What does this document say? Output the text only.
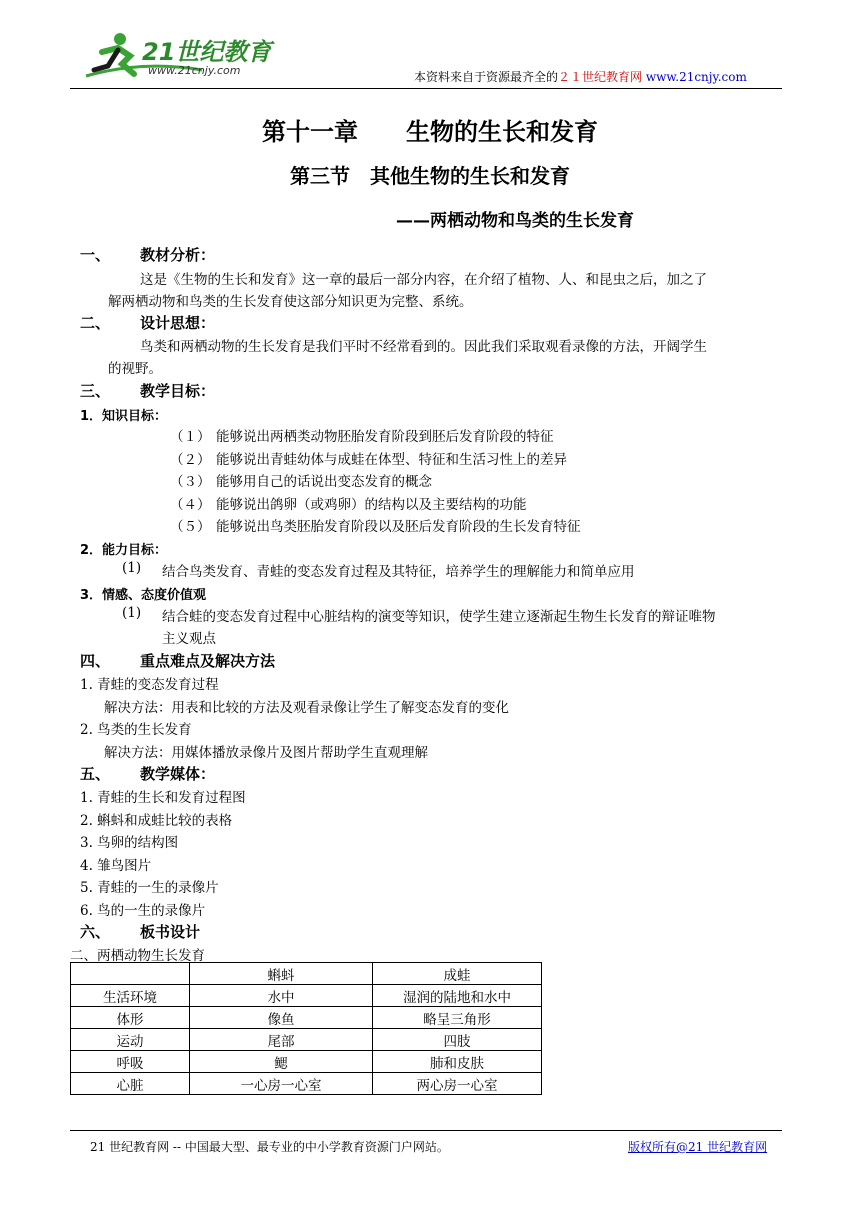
21世纪教育
www.21cnjy.com	本资料来自于资源最齐全的２１世纪教育网 www.21cnjy.com
第十一章　　生物的生长和发育
第三节　其他生物的生长和发育
——两栖动物和鸟类的生长发育
一、 教材分析：
这是《生物的生长和发育》这一章的最后一部分内容，在介绍了植物、人、和昆虫之后，加之了
解两栖动物和鸟类的生长发育使这部分知识更为完整、系统。
二、 设计思想：
鸟类和两栖动物的生长发育是我们平时不经常看到的。因此我们采取观看录像的方法，开阔学生
的视野。
三、 教学目标：
1．知识目标：
（１） 能够说出两栖类动物胚胎发育阶段到胚后发育阶段的特征
（２） 能够说出青蛙幼体与成蛙在体型、特征和生活习性上的差异
（３） 能够用自己的话说出变态发育的概念
（４） 能够说出鸽卵（或鸡卵）的结构以及主要结构的功能
（５） 能够说出鸟类胚胎发育阶段以及胚后发育阶段的生长发育特征
2．能力目标：
(1) 结合鸟类发育、青蛙的变态发育过程及其特征，培养学生的理解能力和简单应用
3．情感、态度价值观
(1) 结合蛙的变态发育过程中心脏结构的演变等知识，使学生建立逐渐起生物生长发育的辩证唯物
主义观点
四、 重点难点及解决方法
1. 青蛙的变态发育过程
解决方法：用表和比较的方法及观看录像让学生了解变态发育的变化
2. 鸟类的生长发育
解决方法：用媒体播放录像片及图片帮助学生直观理解
五、 教学媒体：
1. 青蛙的生长和发育过程图
2. 蝌蚪和成蛙比较的表格
3. 鸟卵的结构图
4. 雏鸟图片
5. 青蛙的一生的录像片
6. 鸟的一生的录像片
六、 板书设计
二、两栖动物生长发育
	蝌蚪	成蛙
生活环境	水中	湿润的陆地和水中
体形	像鱼	略呈三角形
运动	尾部	四肢
呼吸	鳃	肺和皮肤
心脏	一心房一心室	两心房一心室
21 世纪教育网 -- 中国最大型、最专业的中小学教育资源门户网站。	版权所有@21 世纪教育网
